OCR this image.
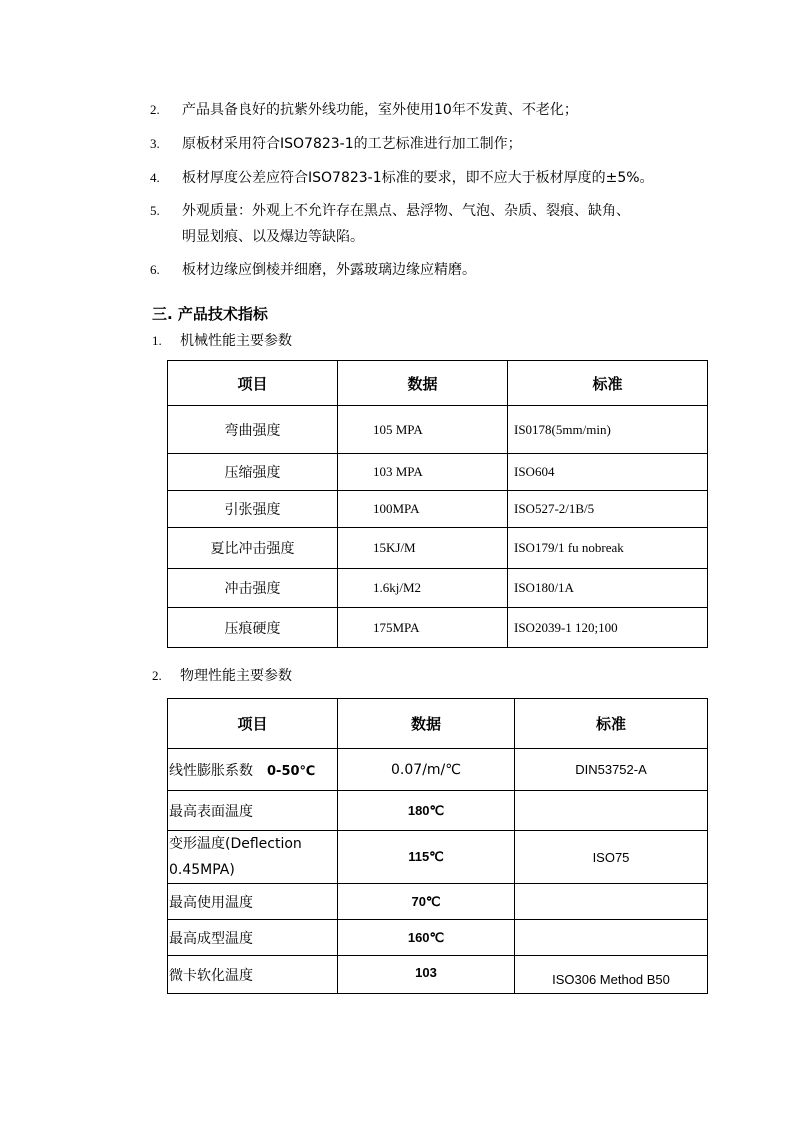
2.	产品具备良好的抗紫外线功能，室外使用10年不发黄、不老化；
3.	原板材采用符合ISO7823-1的工艺标准进行加工制作；
4.	板材厚度公差应符合ISO7823-1标准的要求，即不应大于板材厚度的±5%。
5.	外观质量：外观上不允许存在黑点、悬浮物、气泡、杂质、裂痕、缺角、
明显划痕、以及爆边等缺陷。
6.	板材边缘应倒棱并细磨，外露玻璃边缘应精磨。
三. 产品技术指标
1. 机械性能主要参数
项目	数据	标准
弯曲强度	105 MPA	IS0178(5mm/min)
压缩强度	103 MPA	ISO604
引张强度	100MPA	ISO527-2/1B/5
夏比冲击强度	15KJ/M	ISO179/1 fu nobreak
冲击强度	1.6kj/M2	ISO180/1A
压痕硬度	175MPA	ISO2039-1 120;100
2. 物理性能主要参数
项目	数据	标准
线性膨胀系数 0-50℃	0.07/m/℃	DIN53752-A
最高表面温度	180℃	
变形温度(Deflection
0.45MPA)	115℃	ISO75
最高使用温度	70℃	
最高成型温度	160℃	
微卡软化温度	103	ISO306 Method B50
